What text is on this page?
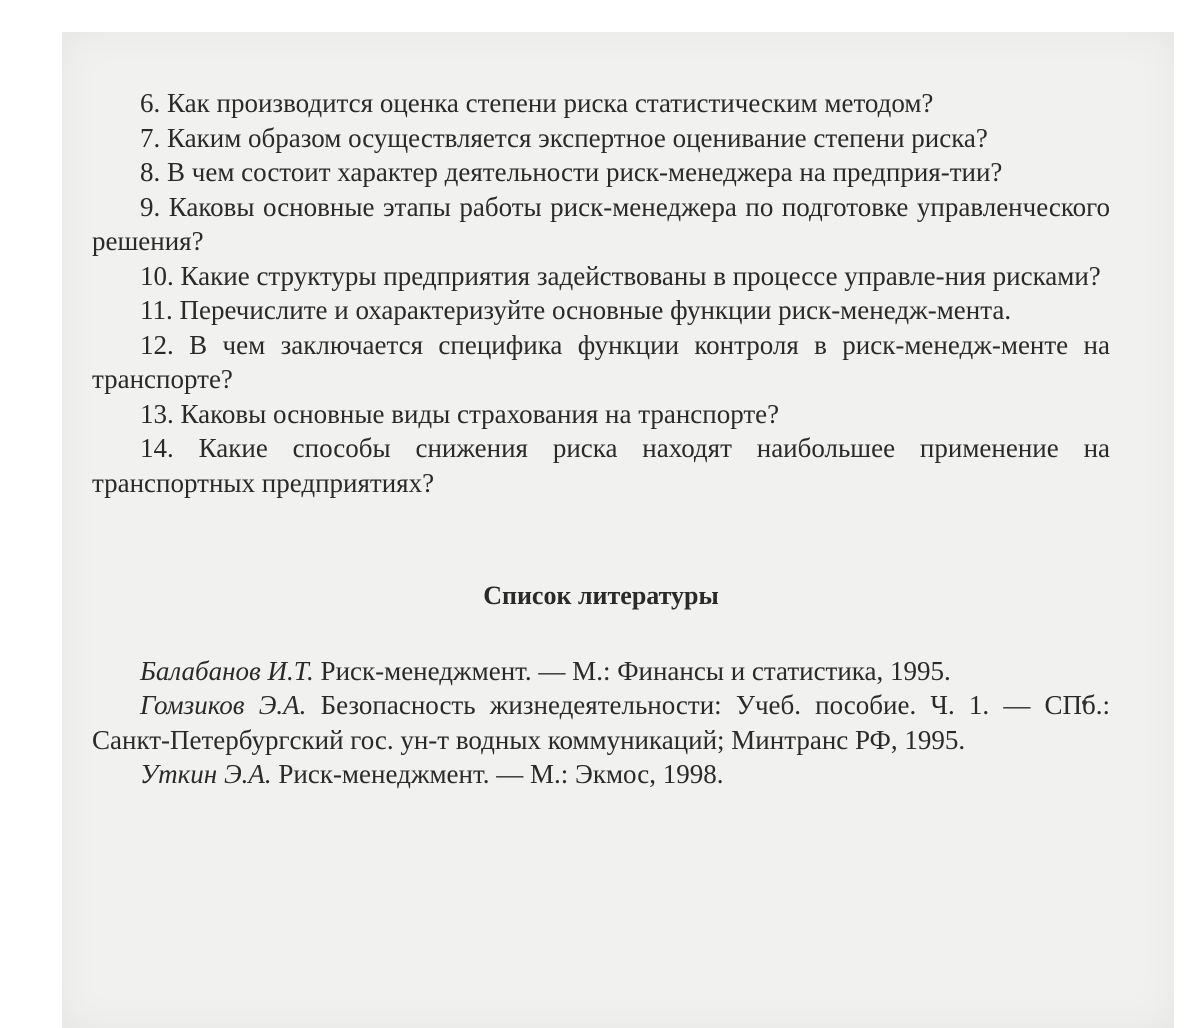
6. Как производится оценка степени риска статистическим методом?

7. Каким образом осуществляется экспертное оценивание степени риска?

8. В чем состоит характер деятельности риск-менеджера на предприя-тии?

9. Каковы основные этапы работы риск-менеджера по подготовке управленческого решения?

10. Какие структуры предприятия задействованы в процессе управле-ния рисками?

11. Перечислите и охарактеризуйте основные функции риск-менедж-мента.

12. В чем заключается специфика функции контроля в риск-менедж-менте на транспорте?

13. Каковы основные виды страхования на транспорте?

14. Какие способы снижения риска находят наибольшее применение на транспортных предприятиях?

Список литературы

Балабанов И.Т. Риск-менеджмент. — М.: Финансы и статистика, 1995.

Гомзиков Э.А. Безопасность жизнедеятельности: Учеб. пособие. Ч. 1. — СПб.: Санкт-Петербургский гос. ун-т водных коммуникаций; Минтранс РФ, 1995.

Уткин Э.А. Риск-менеджмент. — М.: Экмос, 1998.
